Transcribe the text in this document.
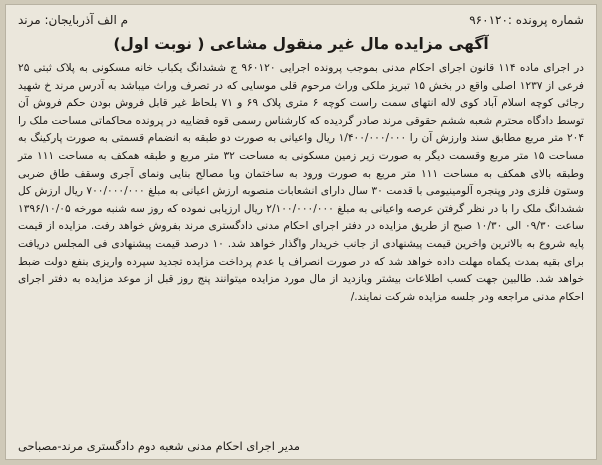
شماره پرونده :۹۶۰۱۲۰
م الف آذربایجان: مرند
آگهی مزایده مال غیر منقول مشاعی ( نوبت اول)

در اجرای ماده ۱۱۴ قانون اجرای احکام مدنی بموجب پرونده اجرایی ۹۶۰۱۲۰ ج ششدانگ یکباب خانه مسکونی به پلاک ثبتی ۲۵ فرعی از ۱۲۳۷ اصلی واقع در بخش ۱۵ تبریز ملکی وراث مرحوم قلی موسایی که در تصرف وراث میباشد به آدرس مرند خ شهید رجائی کوچه اسلام آباد کوی لاله انتهای سمت راست کوچه ۶ متری پلاک ۶۹ و ۷۱ بلحاظ غیر قابل فروش بودن حکم فروش آن توسط دادگاه محترم شعبه ششم حقوقی مرند صادر گردیده که کارشناس رسمی قوه قضاییه در پرونده محاکماتی مساحت ملک را ۲۰۴ متر مربع مطابق سند وارزش آن را ۱/۴۰۰/۰۰۰/۰۰۰ ریال واعیانی به صورت دو طبقه به انضمام قسمتی به صورت پارکینگ به مساحت ۱۵ متر مربع وقسمت دیگر به صورت زیر زمین مسکونی به مساحت ۳۲ متر مربع و طبقه همکف به مساحت ۱۱۱ متر وطبقه بالای همکف به مساحت ۱۱۱ متر مربع به صورت ورود به ساختمان وبا مصالح بنایی ونمای آجری وسقف طاق ضربی وستون فلزی ودر وپنجره آلومینیومی با قدمت ۳۰ سال دارای انشعابات منصوبه ارزش اعیانی به مبلغ ۷۰۰/۰۰۰/۰۰۰ ریال ارزش کل ششدانگ ملک را با در نظر گرفتن عرصه واعیانی به مبلغ ۲/۱۰۰/۰۰۰/۰۰۰ ریال ارزیابی نموده که روز سه شنبه مورخه ۱۳۹۶/۱۰/۰۵ ساعت ۰۹/۳۰ الی ۱۰/۳۰ صبح از طریق مزایده در دفتر اجرای احکام مدنی دادگستری مرند بفروش خواهد رفت. مزایده از قیمت پایه شروع به بالاترین واخرین قیمت پیشنهادی از جانب خریدار واگذار خواهد شد. ۱۰ درصد قیمت پیشنهادی فی المجلس دریافت برای بقیه بمدت یکماه مهلت داده خواهد شد که در صورت انصراف یا عدم پرداخت مزایده تجدید سپرده واریزی بنفع دولت ضبط خواهد شد. طالبین جهت کسب اطلاعات بیشتر وبازدید از مال مورد مزایده میتوانند پنج روز قبل از موعد مزایده به دفتر اجرای احکام مدنی مراجعه ودر جلسه مزایده شرکت نمایند./

مدیر اجرای احکام مدنی شعبه دوم دادگستری مرند-مصباحی
